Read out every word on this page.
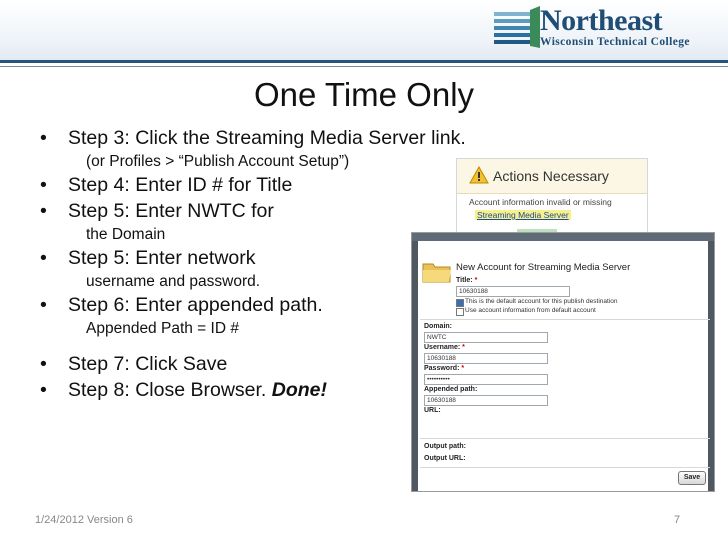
Northeast
Wisconsin Technical College
One Time Only
• Step 3: Click the Streaming Media Server link.
(or Profiles > “Publish Account Setup”)
• Step 4: Enter ID # for Title
• Step 5: Enter NWTC for
the Domain
• Step 5: Enter network
username and password.
• Step 6: Enter appended path.
Appended Path = ID #
• Step 7: Click Save
• Step 8: Close Browser. Done!
Actions Necessary
Account information invalid or missing
Streaming Media Server
New Account for Streaming Media Server
Title: *
10630188
This is the default account for this publish destination
Use account information from default account
Domain:
NWTC
Username: *
10630188
Password: *
••••••••••
Appended path:
10630188
URL:
Output path:
Output URL:
Save
1/24/2012 Version 6	7
